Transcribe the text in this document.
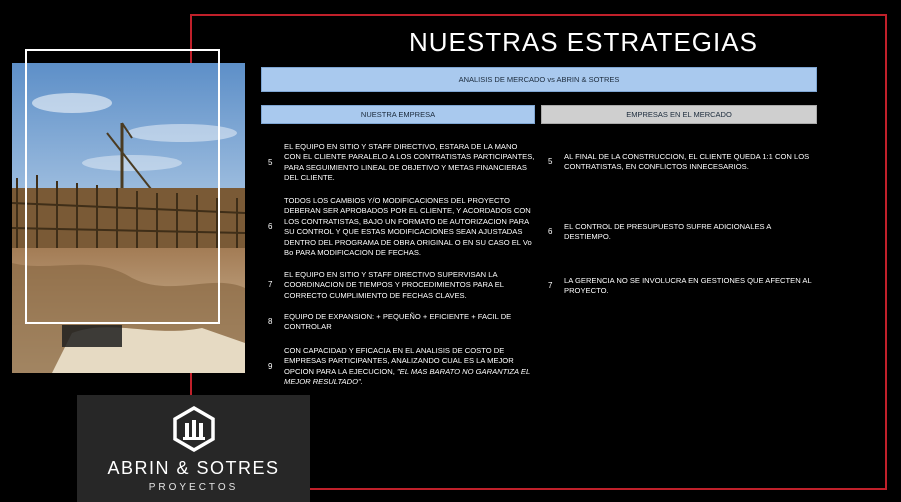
NUESTRAS ESTRATEGIAS
ANALISIS DE MERCADO vs ABRIN & SOTRES
NUESTRA EMPRESA	EMPRESAS EN EL MERCADO
5
EL EQUIPO EN SITIO Y STAFF DIRECTIVO, ESTARA DE LA MANO CON EL CLIENTE PARALELO A LOS CONTRATISTAS PARTICIPANTES, PARA SEGUIMIENTO LINEAL DE OBJETIVO Y METAS FINANCIERAS DEL CLIENTE.
6
TODOS LOS CAMBIOS Y/O MODIFICACIONES DEL PROYECTO DEBERAN SER APROBADOS POR EL CLIENTE, Y ACORDADOS CON LOS CONTRATISTAS, BAJO UN FORMATO DE AUTORIZACION PARA SU CONTROL Y QUE ESTAS MODIFICACIONES SEAN AJUSTADAS DENTRO DEL PROGRAMA DE OBRA ORIGINAL O EN SU CASO EL Vo Bo PARA MODIFICACION DE FECHAS.
7
EL EQUIPO EN SITIO Y STAFF DIRECTIVO SUPERVISAN LA COORDINACION DE TIEMPOS Y PROCEDIMIENTOS PARA EL CORRECTO CUMPLIMIENTO DE FECHAS CLAVES.
8
EQUIPO DE EXPANSION: + PEQUEÑO + EFICIENTE + FACIL DE CONTROLAR
9
CON CAPACIDAD Y EFICACIA EN EL ANALISIS DE COSTO DE EMPRESAS PARTICIPANTES, ANALIZANDO CUAL ES LA MEJOR OPCION PARA LA EJECUCION, "EL MAS BARATO NO GARANTIZA EL MEJOR RESULTADO".
5
AL FINAL DE LA CONSTRUCCION, EL CLIENTE QUEDA 1:1 CON LOS CONTRATISTAS, EN CONFLICTOS INNECESARIOS.
6
EL CONTROL DE PRESUPUESTO SUFRE ADICIONALES A DESTIEMPO.
7
LA GERENCIA NO SE INVOLUCRA EN GESTIONES QUE AFECTEN AL PROYECTO.
ABRIN & SOTRES
PROYECTOS
